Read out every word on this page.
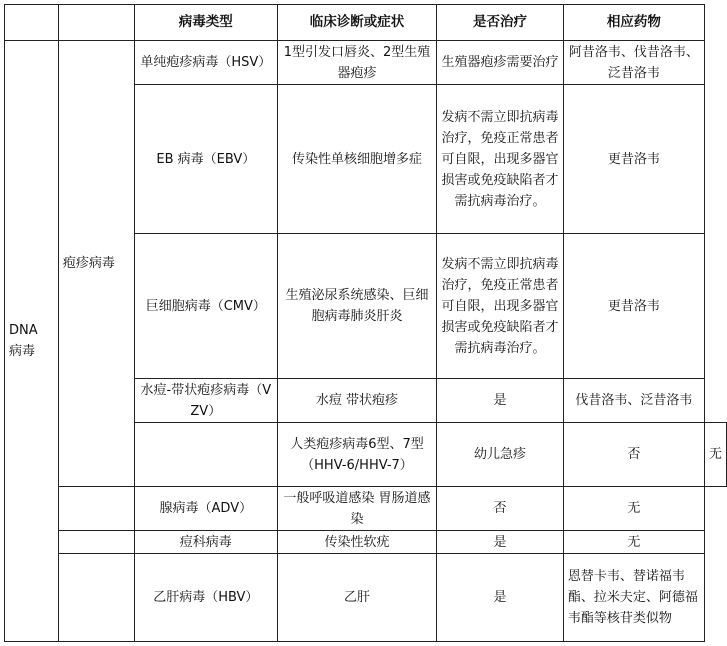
		病毒类型	临床诊断或症状	是否治疗	相应药物	
DNA 病毒	疱疹病毒	单纯疱疹病毒（HSV）	1型引发口唇炎、2型生殖器疱疹	生殖器疱疹需要治疗	阿昔洛韦、伐昔洛韦、泛昔洛韦	
		EB 病毒（EBV）	传染性单核细胞增多症	发病不需立即抗病毒治疗，免疫正常患者可自限，出现多器官损害或免疫缺陷者才需抗病毒治疗。	更昔洛韦	
		巨细胞病毒（CMV）	生殖泌尿系统感染、巨细胞病毒肺炎肝炎	发病不需立即抗病毒治疗，免疫正常患者可自限，出现多器官损害或免疫缺陷者才需抗病毒治疗。	更昔洛韦	
		水痘-带状疱疹病毒（VZV）	水痘 带状疱疹	是	伐昔洛韦、泛昔洛韦	
			人类疱疹病毒6型、7型（HHV-6/HHV-7）	幼儿急疹	否	无
		腺病毒（ADV）	一般呼吸道感染 胃肠道感染	否	无	
		痘科病毒	传染性软疣	是	无	
		乙肝病毒（HBV）	乙肝	是	恩替卡韦、替诺福韦酯、拉米夫定、阿德福韦酯等核苷类似物	
